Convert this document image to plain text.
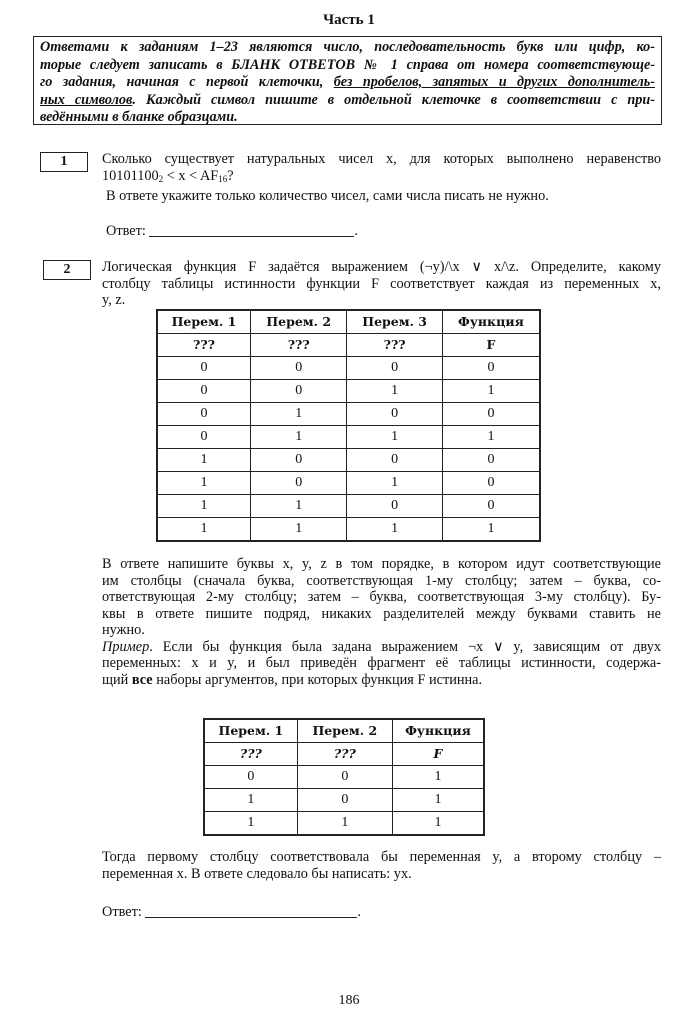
Часть 1
Ответами к заданиям 1–23 являются число, последовательность букв или цифр, ко-
торые следует записать в БЛАНК ОТВЕТОВ № 1 справа от номера соответствующе-
го задания, начиная с первой клеточки, без пробелов, запятых и других дополнитель-
ных символов. Каждый символ пишите в отдельной клеточке в соответствии с при-
ведёнными в бланке образцами.
1	Сколько существует натуральных чисел x, для которых выполнено неравенство
$10101100_2 < x < AF_{16}$?
В ответе укажите только количество чисел, сами числа писать не нужно.
Ответ:	.
2	Логическая функция F задаётся выражением (¬y)/\x ∨ x/\z. Определите, какому
столбцу таблицы истинности функции F соответствует каждая из переменных x,
y, z.
Перем. 1	Перем. 2	Перем. 3	Функция
???	???	???	F
0	0	0	0
0	0	1	1
0	1	0	0
0	1	1	1
1	0	0	0
1	0	1	0
1	1	0	0
1	1	1	1
В ответе напишите буквы x, y, z в том порядке, в котором идут соответствующие
им столбцы (сначала буква, соответствующая 1-му столбцу; затем – буква, со-
ответствующая 2-му столбцу; затем – буква, соответствующая 3-му столбцу). Бу-
квы в ответе пишите подряд, никаких разделителей между буквами ставить не
нужно.
Пример. Если бы функция была задана выражением ¬x ∨ y, зависящим от двух
переменных: x и y, и был приведён фрагмент её таблицы истинности, содержа-
щий все наборы аргументов, при которых функция F истинна.
Перем. 1	Перем. 2	Функция
???	???	F
0	0	1
1	0	1
1	1	1
Тогда первому столбцу соответствовала бы переменная y, а второму столбцу –
переменная x. В ответе следовало бы написать: yx.
Ответ:	.
186
